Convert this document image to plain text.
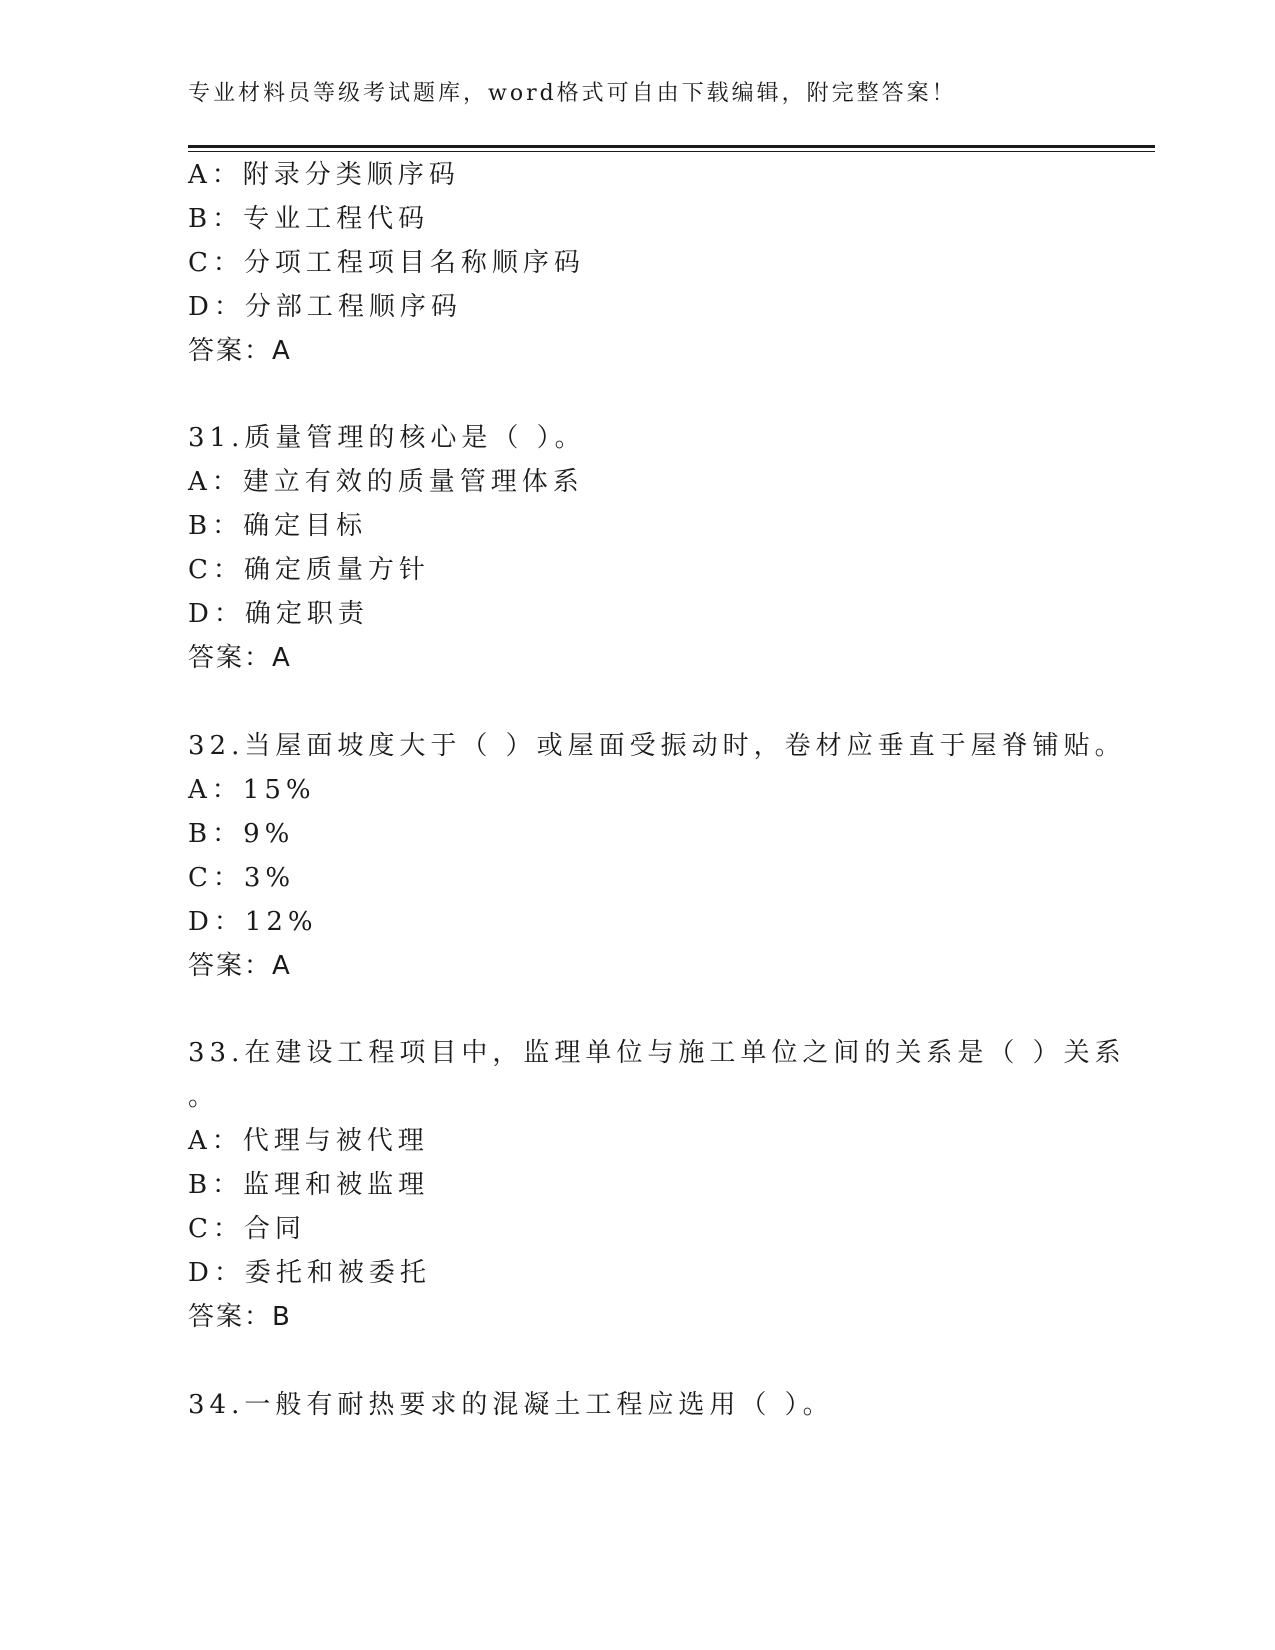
专业材料员等级考试题库，word格式可自由下载编辑，附完整答案！
A：附录分类顺序码
B：专业工程代码
C：分项工程项目名称顺序码
D：分部工程顺序码
答案：A
31.质量管理的核心是（ ）。
A：建立有效的质量管理体系
B：确定目标
C：确定质量方针
D：确定职责
答案：A
32.当屋面坡度大于（ ）或屋面受振动时，卷材应垂直于屋脊铺贴。
A：15%
B：9%
C：3%
D：12%
答案：A
33.在建设工程项目中，监理单位与施工单位之间的关系是（ ）关系
。
A：代理与被代理
B：监理和被监理
C：合同
D：委托和被委托
答案：B
34.一般有耐热要求的混凝土工程应选用（ ）。
